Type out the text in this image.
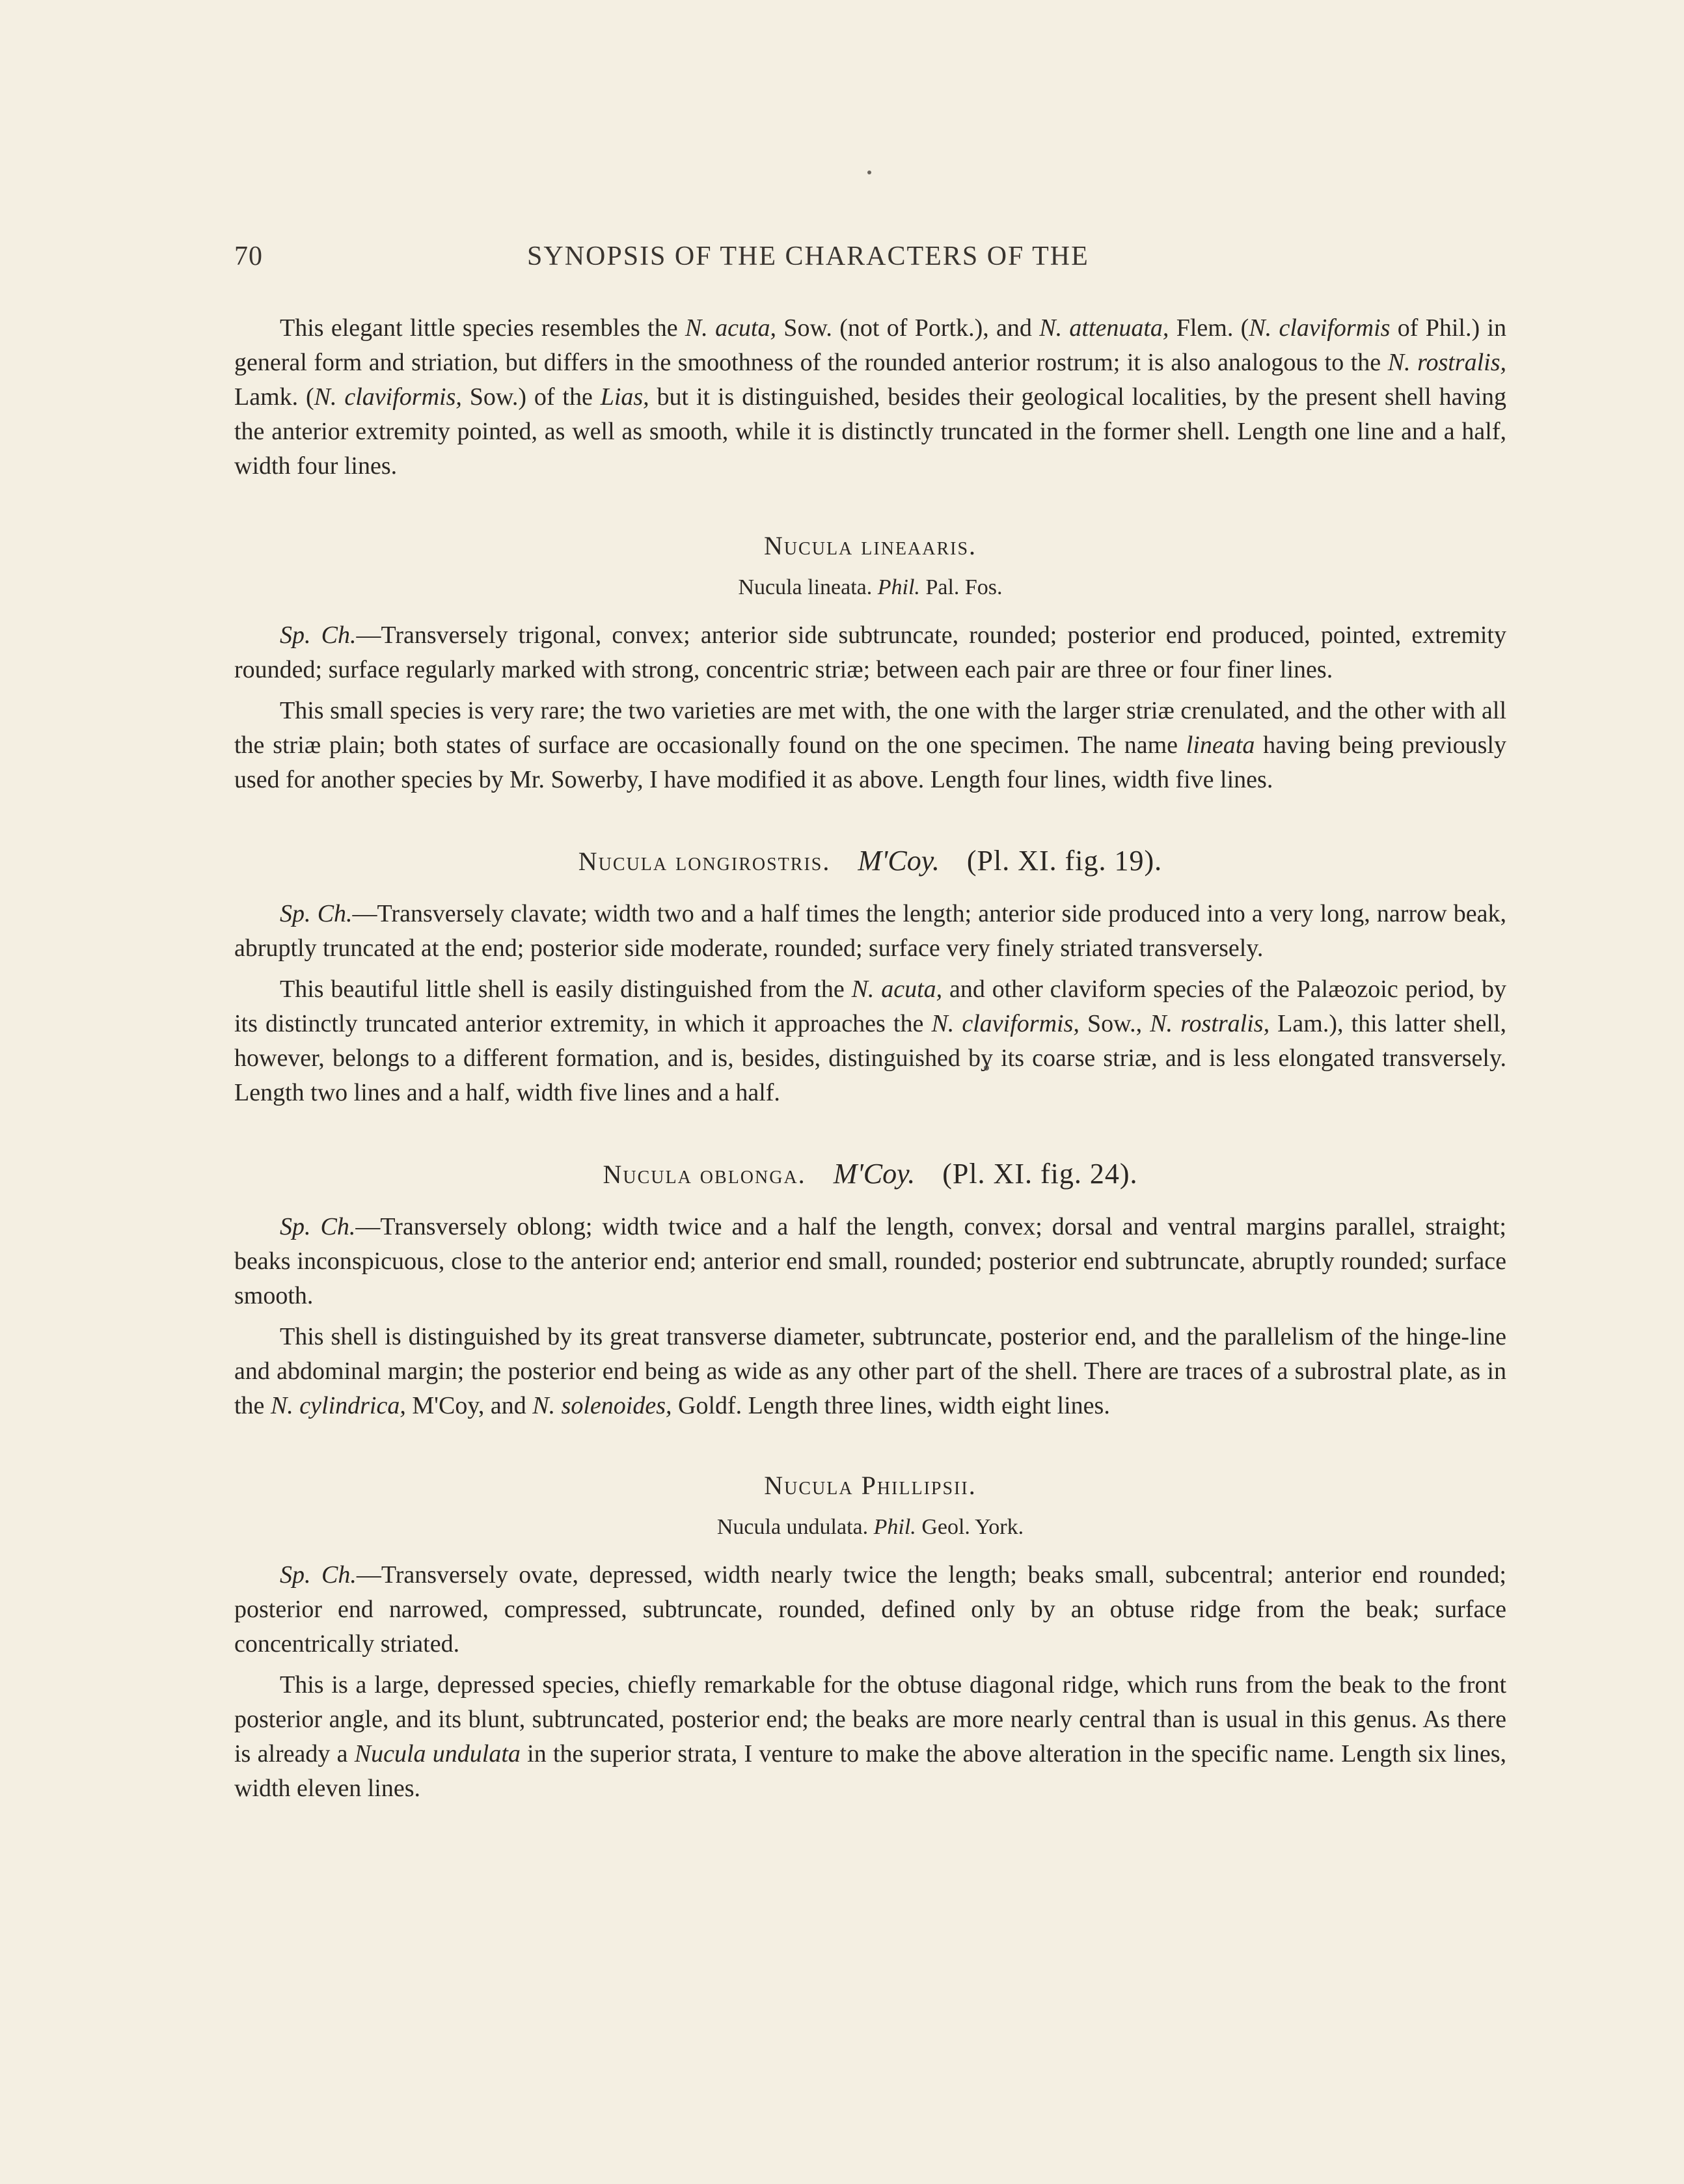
70	SYNOPSIS OF THE CHARACTERS OF THE

This elegant little species resembles the N. acuta, Sow. (not of Portk.), and N. attenuata, Flem. (N. claviformis of Phil.) in general form and striation, but differs in the smoothness of the rounded anterior rostrum; it is also analogous to the N. rostralis, Lamk. (N. claviformis, Sow.) of the Lias, but it is distinguished, besides their geological localities, by the present shell having the anterior extremity pointed, as well as smooth, while it is distinctly truncated in the former shell. Length one line and a half, width four lines.

Nucula lineaaris.
Nucula lineata. Phil. Pal. Fos.

Sp. Ch.—Transversely trigonal, convex; anterior side subtruncate, rounded; posterior end produced, pointed, extremity rounded; surface regularly marked with strong, concentric striæ; between each pair are three or four finer lines.

This small species is very rare; the two varieties are met with, the one with the larger striæ crenulated, and the other with all the striæ plain; both states of surface are occasionally found on the one specimen. The name lineata having being previously used for another species by Mr. Sowerby, I have modified it as above. Length four lines, width five lines.

Nucula longirostris.  M'Coy.  (Pl. XI. fig. 19).

Sp. Ch.—Transversely clavate; width two and a half times the length; anterior side produced into a very long, narrow beak, abruptly truncated at the end; posterior side moderate, rounded; surface very finely striated transversely.

This beautiful little shell is easily distinguished from the N. acuta, and other claviform species of the Palæozoic period, by its distinctly truncated anterior extremity, in which it approaches the N. claviformis, Sow., N. rostralis, Lam.), this latter shell, however, belongs to a different formation, and is, besides, distinguished by its coarse striæ, and is less elongated transversely. Length two lines and a half, width five lines and a half.

Nucula oblonga.  M'Coy.  (Pl. XI. fig. 24).

Sp. Ch.—Transversely oblong; width twice and a half the length, convex; dorsal and ventral margins parallel, straight; beaks inconspicuous, close to the anterior end; anterior end small, rounded; posterior end subtruncate, abruptly rounded; surface smooth.

This shell is distinguished by its great transverse diameter, subtruncate, posterior end, and the parallelism of the hinge-line and abdominal margin; the posterior end being as wide as any other part of the shell. There are traces of a subrostral plate, as in the N. cylindrica, M'Coy, and N. solenoides, Goldf. Length three lines, width eight lines.

Nucula Phillipsii.
Nucula undulata. Phil. Geol. York.

Sp. Ch.—Transversely ovate, depressed, width nearly twice the length; beaks small, subcentral; anterior end rounded; posterior end narrowed, compressed, subtruncate, rounded, defined only by an obtuse ridge from the beak; surface concentrically striated.

This is a large, depressed species, chiefly remarkable for the obtuse diagonal ridge, which runs from the beak to the front posterior angle, and its blunt, subtruncated, posterior end; the beaks are more nearly central than is usual in this genus. As there is already a Nucula undulata in the superior strata, I venture to make the above alteration in the specific name. Length six lines, width eleven lines.
